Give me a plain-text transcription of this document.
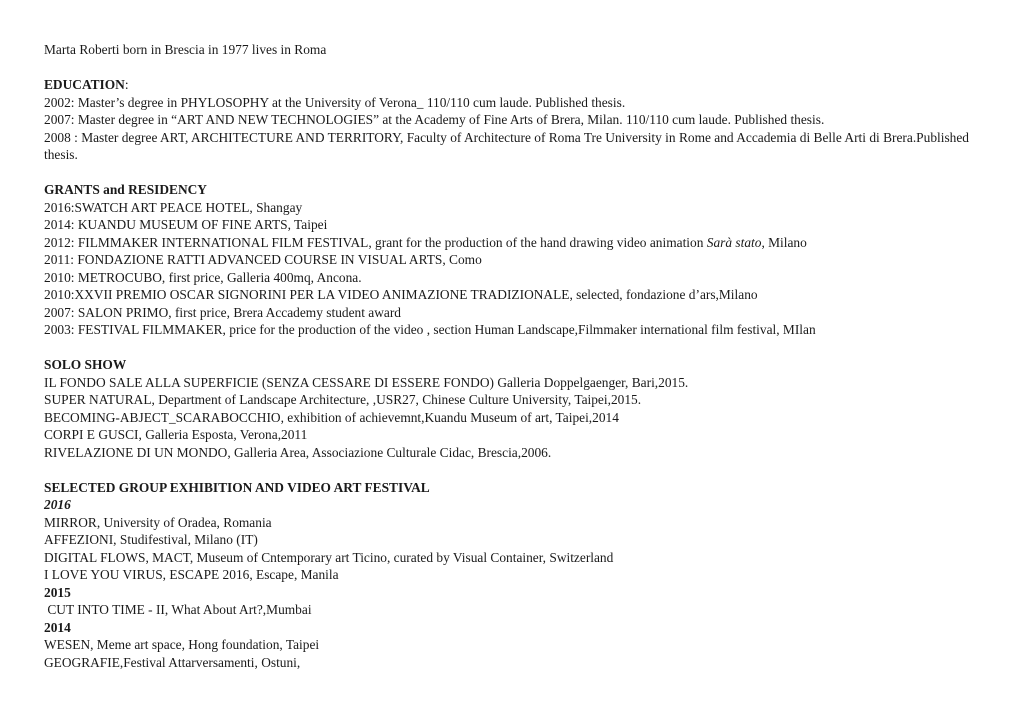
Marta Roberti born in Brescia in 1977 lives in Roma
EDUCATION:
2002: Master’s degree in PHYLOSOPHY at the University of Verona_ 110/110 cum laude. Published thesis.
2007: Master degree in “ART AND NEW TECHNOLOGIES” at the Academy of Fine Arts of Brera, Milan. 110/110 cum laude. Published thesis.
2008 : Master degree ART, ARCHITECTURE AND TERRITORY, Faculty of Architecture of Roma Tre University in Rome and Accademia di Belle Arti di Brera.Published thesis.
GRANTS and RESIDENCY
2016:SWATCH ART PEACE HOTEL, Shangay
2014: KUANDU MUSEUM OF FINE ARTS, Taipei
2012: FILMMAKER INTERNATIONAL FILM FESTIVAL, grant for the production of the hand drawing video animation Sarà stato, Milano
2011: FONDAZIONE RATTI ADVANCED COURSE IN VISUAL ARTS, Como
2010: METROCUBO, first price, Galleria 400mq, Ancona.
2010:XXVII PREMIO OSCAR SIGNORINI PER LA VIDEO ANIMAZIONE TRADIZIONALE, selected, fondazione d’ars,Milano
2007: SALON PRIMO, first price, Brera Accademy student award
2003: FESTIVAL FILMMAKER, price for the production of the video , section Human Landscape,Filmmaker international film festival, MIlan
SOLO SHOW
IL FONDO SALE ALLA SUPERFICIE (SENZA CESSARE DI ESSERE FONDO) Galleria Doppelgaenger, Bari,2015.
SUPER NATURAL, Department of Landscape Architecture, ,USR27, Chinese Culture University, Taipei,2015.
BECOMING-ABJECT_SCARABOCCHIO, exhibition of achievemnt,Kuandu Museum of art, Taipei,2014
CORPI E GUSCI, Galleria Esposta, Verona,2011
RIVELAZIONE DI UN MONDO, Galleria Area, Associazione Culturale Cidac, Brescia,2006.
SELECTED GROUP EXHIBITION AND VIDEO ART FESTIVAL
2016
MIRROR, University of Oradea, Romania
AFFEZIONI, Studifestival, Milano (IT)
DIGITAL FLOWS, MACT, Museum of Cntemporary art Ticino, curated by Visual Container, Switzerland
I LOVE YOU VIRUS, ESCAPE 2016, Escape, Manila
2015
CUT INTO TIME - II, What About Art?,Mumbai
2014
WESEN, Meme art space, Hong foundation, Taipei
GEOGRAFIE,Festival Attarversamenti, Ostuni,
